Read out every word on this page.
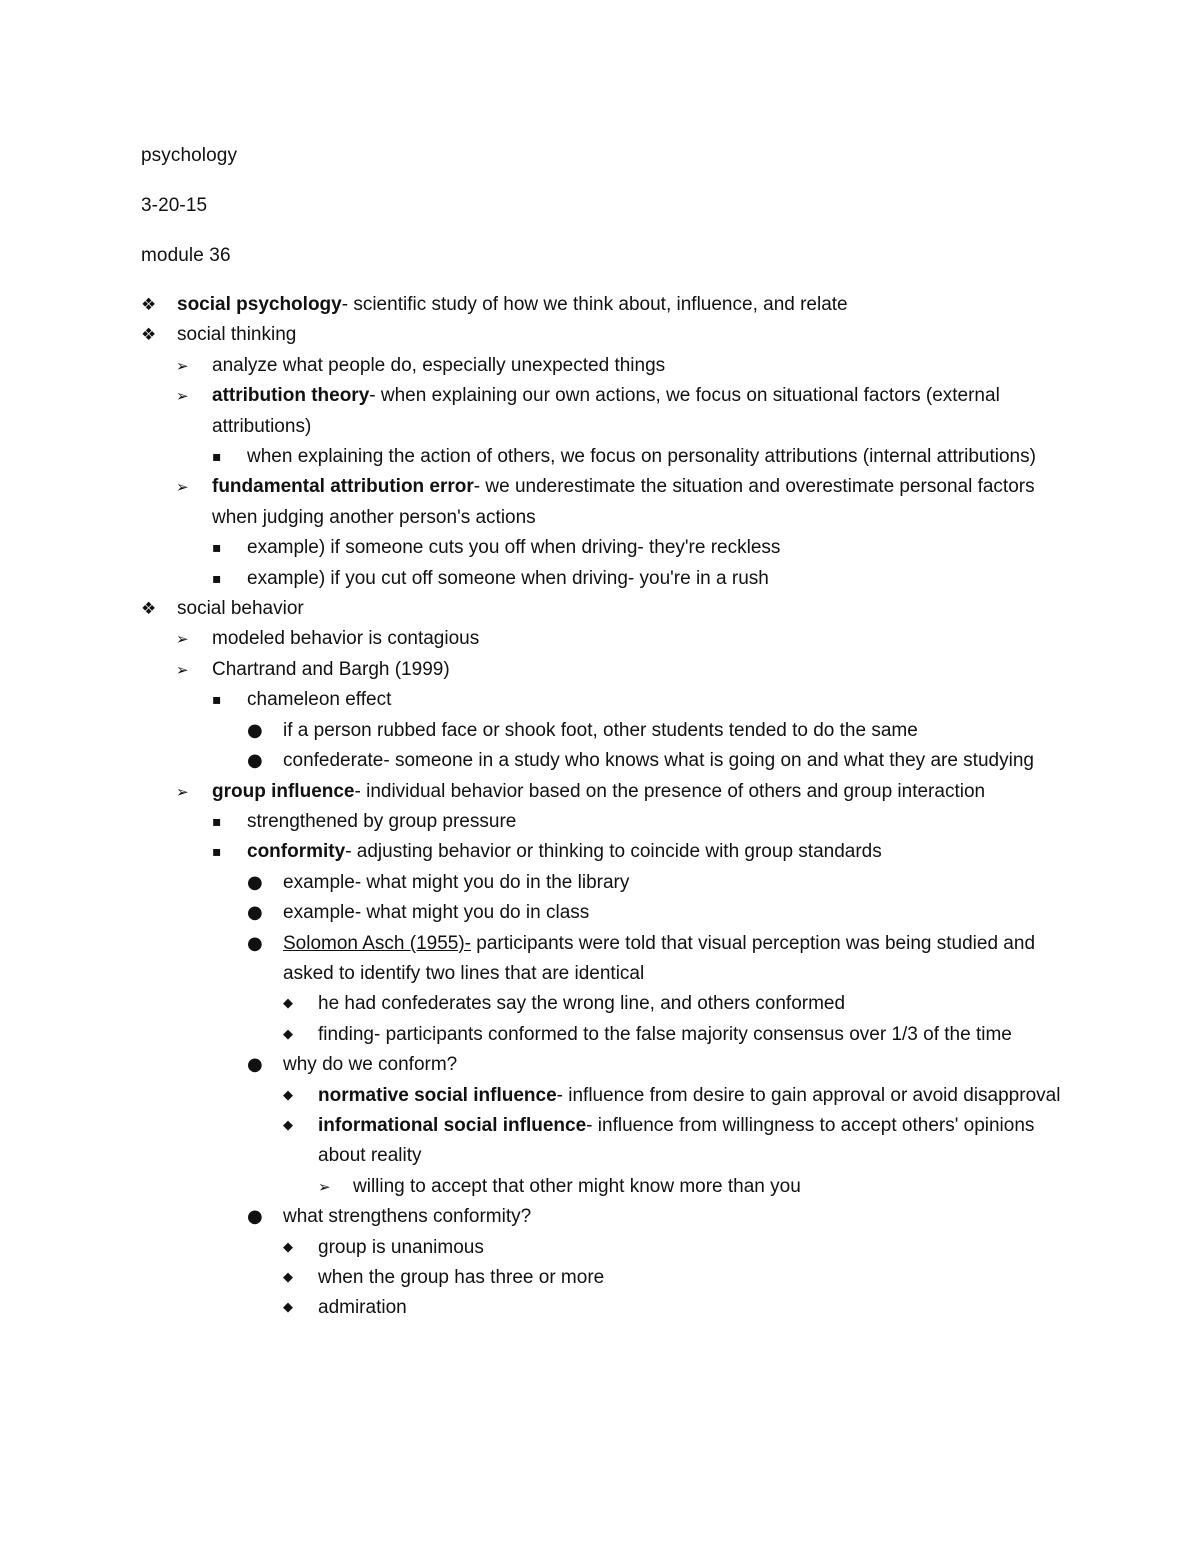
psychology
3-20-15
module 36
❖	social psychology- scientific study of how we think about, influence, and relate
❖	social thinking
➢	analyze what people do, especially unexpected things
➢	attribution theory- when explaining our own actions, we focus on situational factors (external attributions)
▪	when explaining the action of others, we focus on personality attributions (internal attributions)
➢	fundamental attribution error- we underestimate the situation and overestimate personal factors when judging another person's actions
▪	example) if someone cuts you off when driving- they're reckless
▪	example) if you cut off someone when driving- you're in a rush
❖	social behavior
➢	modeled behavior is contagious
➢	Chartrand and Bargh (1999)
▪	chameleon effect
●	if a person rubbed face or shook foot, other students tended to do the same
●	confederate- someone in a study who knows what is going on and what they are studying
➢	group influence- individual behavior based on the presence of others and group interaction
▪	strengthened by group pressure
▪	conformity- adjusting behavior or thinking to coincide with group standards
●	example- what might you do in the library
●	example- what might you do in class
●	Solomon Asch (1955)- participants were told that visual perception was being studied and asked to identify two lines that are identical
◆	he had confederates say the wrong line, and others conformed
◆	finding- participants conformed to the false majority consensus over 1/3 of the time
●	why do we conform?
◆	normative social influence- influence from desire to gain approval or avoid disapproval
◆	informational social influence- influence from willingness to accept others' opinions about reality
➢	willing to accept that other might know more than you
●	what strengthens conformity?
◆	group is unanimous
◆	when the group has three or more
◆	admiration
